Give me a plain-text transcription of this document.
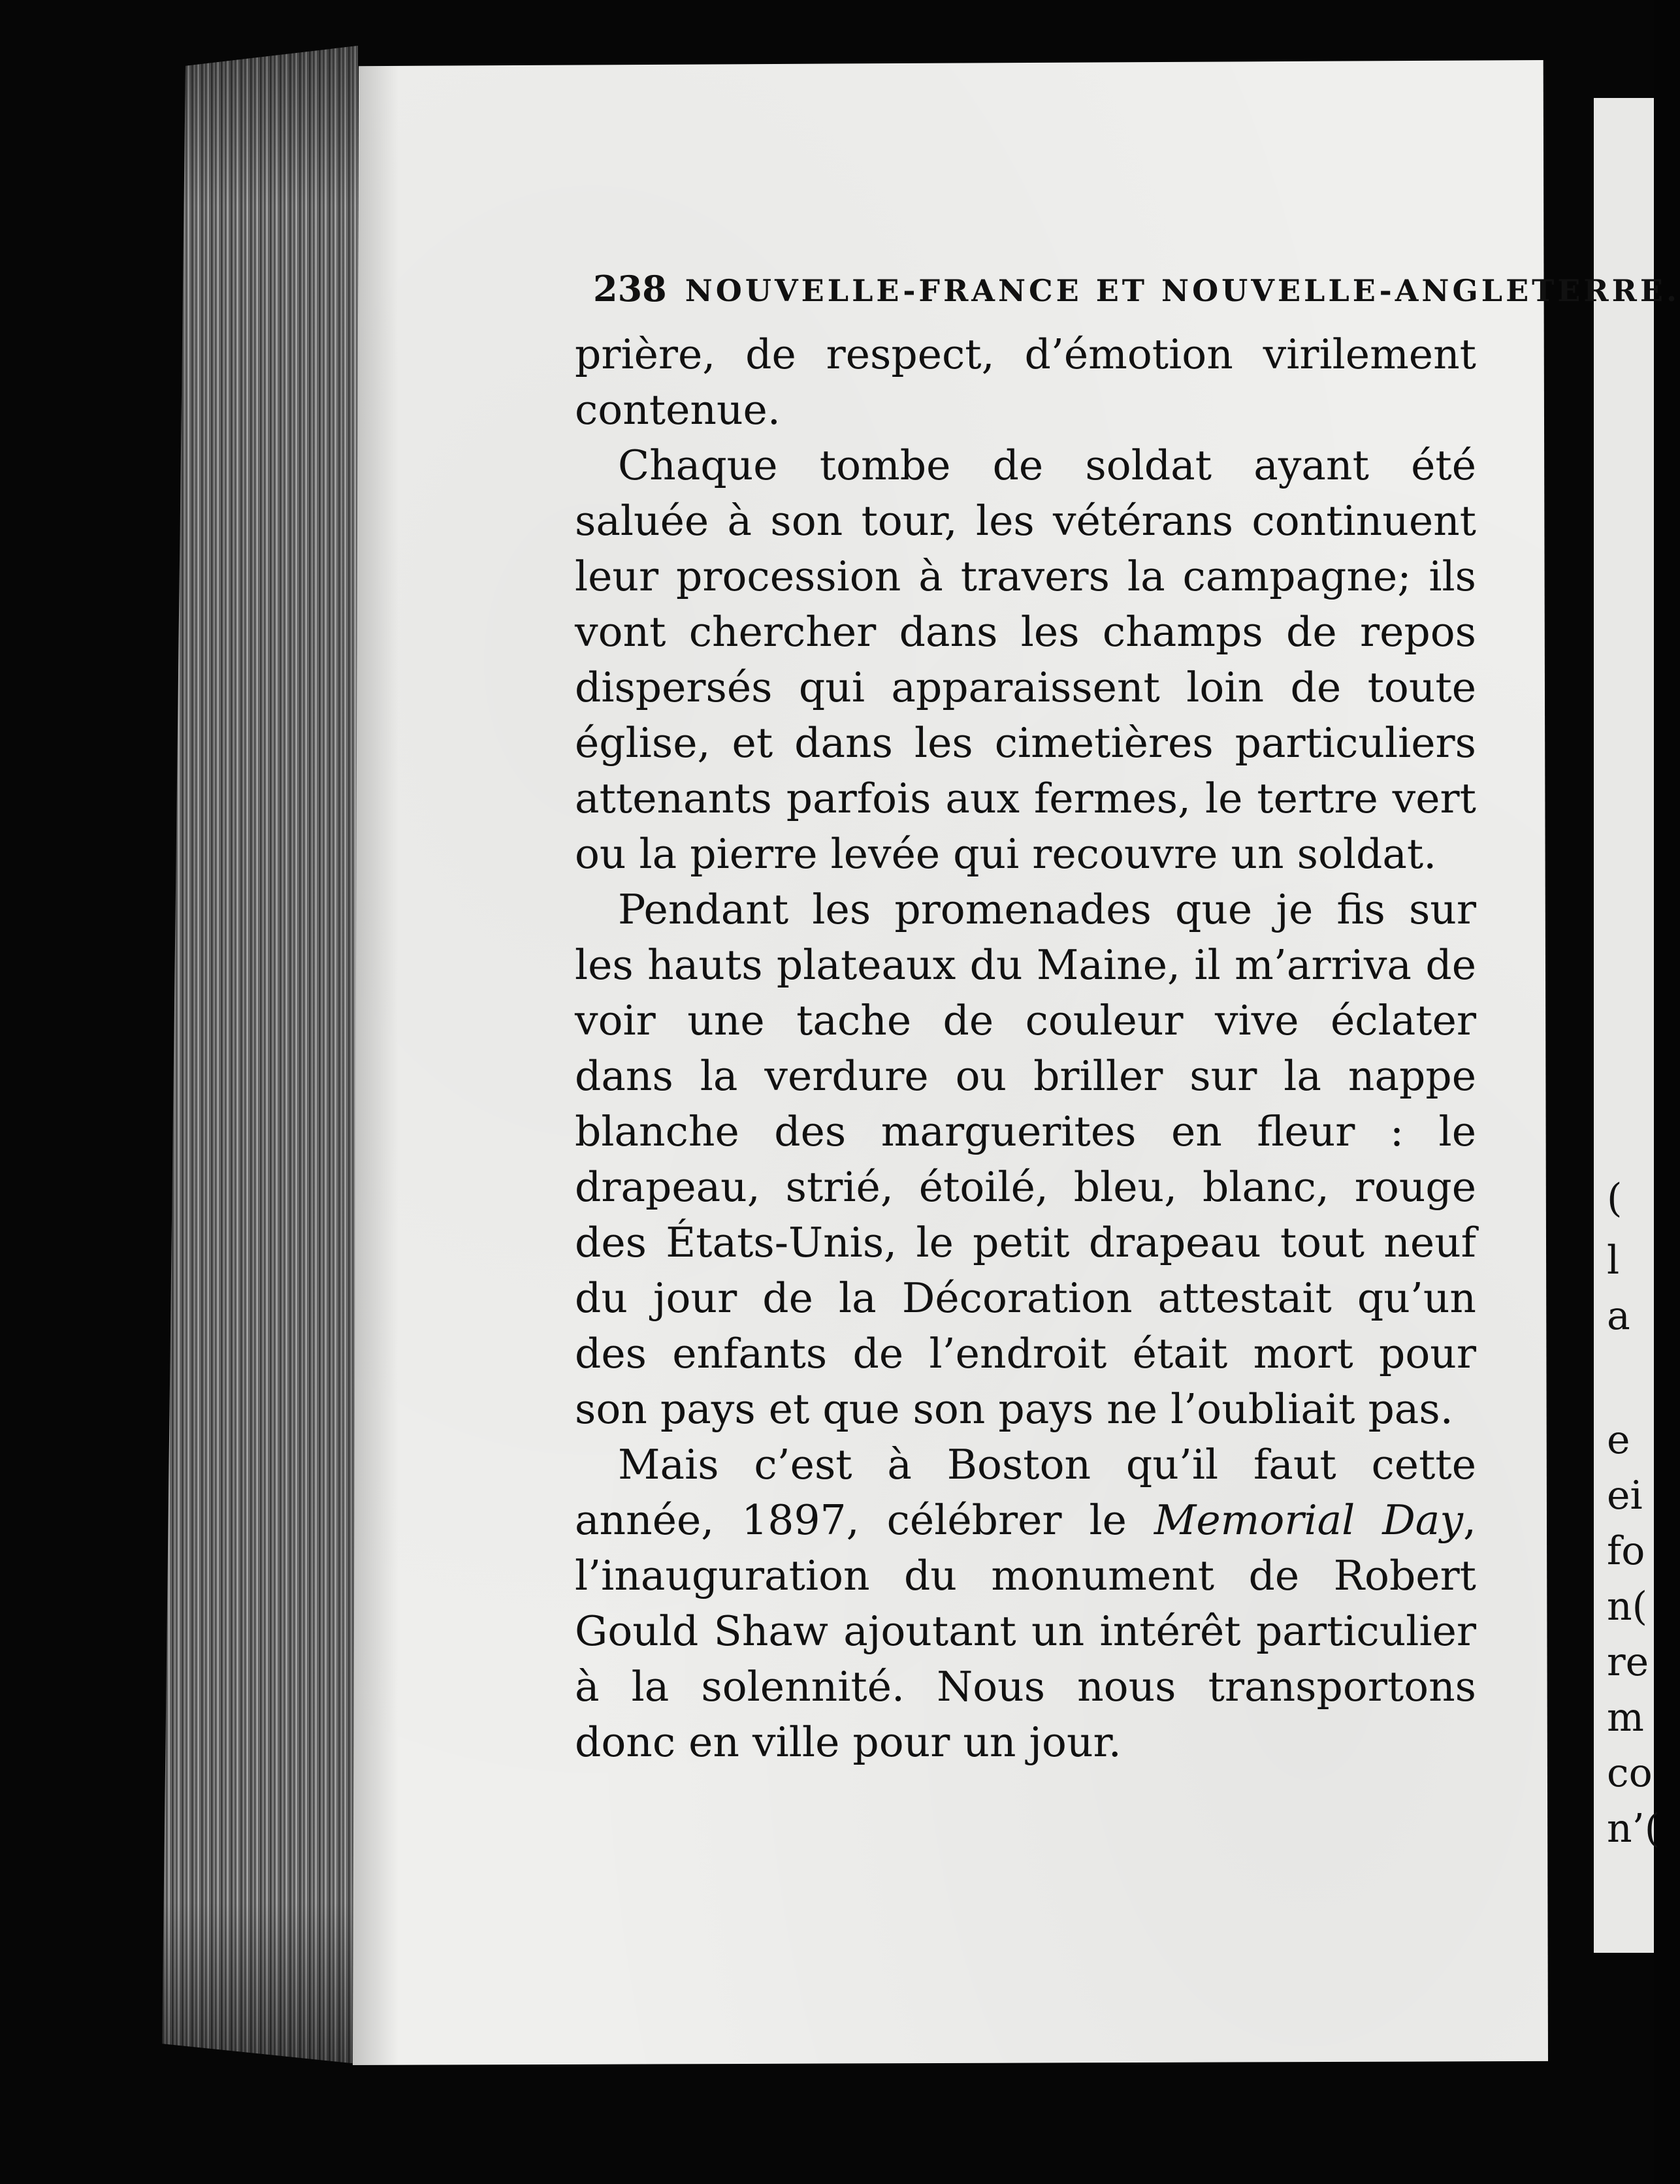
(
l
a
e
ei
fo
n(
re
m
co
n’(
238 NOUVELLE-FRANCE ET NOUVELLE-ANGLETERRE.

prière, de respect, d’émotion virilement contenue.

Chaque tombe de soldat ayant été saluée à son tour, les vétérans continuent leur procession à travers la campagne; ils vont chercher dans les champs de repos dispersés qui apparaissent loin de toute église, et dans les cimetières particuliers attenants parfois aux fermes, le tertre vert ou la pierre levée qui recouvre un soldat.

Pendant les promenades que je fis sur les hauts plateaux du Maine, il m’arriva de voir une tache de couleur vive éclater dans la verdure ou briller sur la nappe blanche des marguerites en fleur : le drapeau, strié, étoilé, bleu, blanc, rouge des États-Unis, le petit drapeau tout neuf du jour de la Décoration attestait qu’un des enfants de l’endroit était mort pour son pays et que son pays ne l’oubliait pas.

Mais c’est à Boston qu’il faut cette année, 1897, célébrer le Memorial Day, l’inauguration du monument de Robert Gould Shaw ajoutant un intérêt particulier à la solennité. Nous nous transportons donc en ville pour un jour.
